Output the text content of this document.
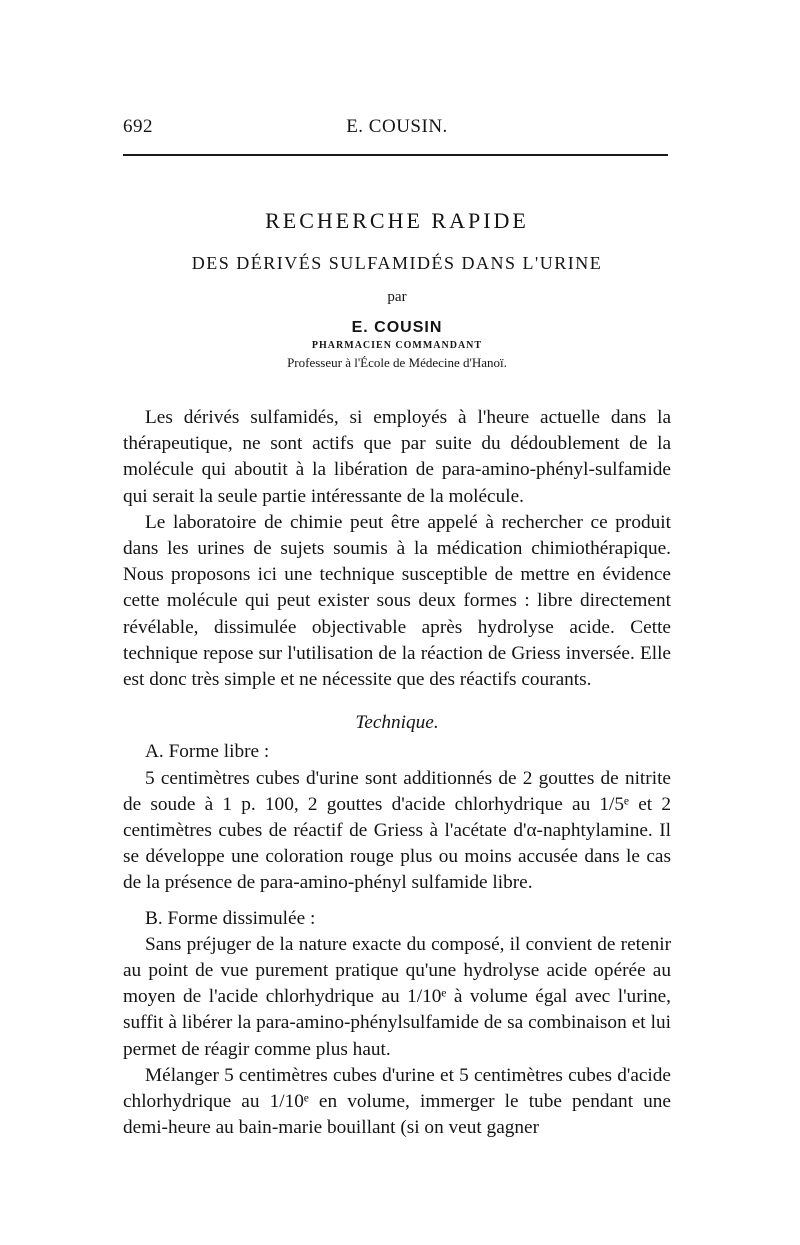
692	E. COUSIN.
RECHERCHE RAPIDE
DES DÉRIVÉS SULFAMIDÉS DANS L'URINE
par
E. COUSIN
PHARMACIEN COMMANDANT
Professeur à l'École de Médecine d'Hanoï.

Les dérivés sulfamidés, si employés à l'heure actuelle dans la thérapeutique, ne sont actifs que par suite du dédoublement de la molécule qui aboutit à la libération de para-amino-phényl-sulfamide qui serait la seule partie intéressante de la molécule.

Le laboratoire de chimie peut être appelé à rechercher ce produit dans les urines de sujets soumis à la médication chimiothérapique. Nous proposons ici une technique susceptible de mettre en évidence cette molécule qui peut exister sous deux formes : libre directement révélable, dissimulée objectivable après hydrolyse acide. Cette technique repose sur l'utilisation de la réaction de Griess inversée. Elle est donc très simple et ne nécessite que des réactifs courants.

Technique.
A. Forme libre :

5 centimètres cubes d'urine sont additionnés de 2 gouttes de nitrite de soude à 1 p. 100, 2 gouttes d'acide chlorhydrique au 1/5ᵉ et 2 centimètres cubes de réactif de Griess à l'acétate d'α-naphtylamine. Il se développe une coloration rouge plus ou moins accusée dans le cas de la présence de para-amino-phényl sulfamide libre.

B. Forme dissimulée :

Sans préjuger de la nature exacte du composé, il convient de retenir au point de vue purement pratique qu'une hydrolyse acide opérée au moyen de l'acide chlorhydrique au 1/10ᵉ à volume égal avec l'urine, suffit à libérer la para-amino-phénylsulfamide de sa combinaison et lui permet de réagir comme plus haut.

Mélanger 5 centimètres cubes d'urine et 5 centimètres cubes d'acide chlorhydrique au 1/10ᵉ en volume, immerger le tube pendant une demi-heure au bain-marie bouillant (si on veut gagner
